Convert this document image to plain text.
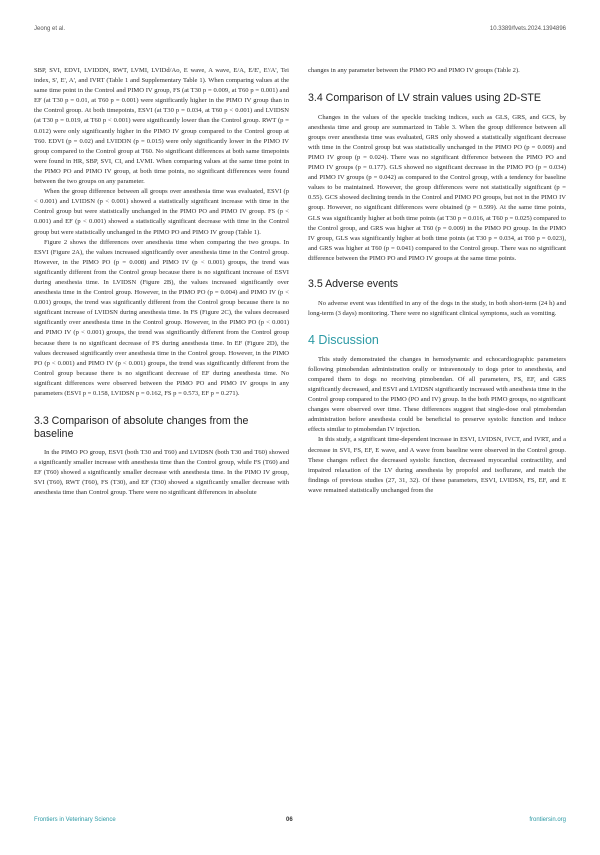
Jeong et al.	10.3389/fvets.2024.1394896

SBP, SVI, EDVI, LVIDDN, RWT, LVMI, LVIDd/Ao, E wave, A wave, E/A, E/E', E'/A', Tei index, S', E', A', and IVRT (Table 1 and Supplementary Table 1). When comparing values at the same time point in the Control and PIMO IV group, FS (at T30 p = 0.009, at T60 p = 0.001) and EF (at T30 p = 0.01, at T60 p = 0.001) were significantly higher in the PIMO IV group than in the Control group. At both timepoints, ESVI (at T30 p = 0.034, at T60 p < 0.001) and LVIDSN (at T30 p = 0.019, at T60 p < 0.001) were significantly lower than the Control group. RWT (p = 0.012) were only significantly higher in the PIMO IV group compared to the Control group at T60. EDVI (p = 0.02) and LVIDDN (p = 0.015) were only significantly lower in the PIMO IV group compared to the Control group at T60. No significant differences at both same timepoints were found in HR, SBP, SVI, CI, and LVMI. When comparing values at the same time point in the PIMO PO and PIMO IV group, at both time points, no significant differences were found between the two groups on any parameter.

When the group difference between all groups over anesthesia time was evaluated, ESVI (p < 0.001) and LVIDSN (p < 0.001) showed a statistically significant increase with time in the Control group but were statistically unchanged in the PIMO PO and PIMO IV group. FS (p < 0.001) and EF (p < 0.001) showed a statistically significant decrease with time in the Control group but were statistically unchanged in the PIMO PO and PIMO IV group (Table 1).

Figure 2 shows the differences over anesthesia time when comparing the two groups. In ESVI (Figure 2A), the values increased significantly over anesthesia time in the Control group. However, in the PIMO PO (p = 0.008) and PIMO IV (p < 0.001) groups, the trend was significantly different from the Control group because there is no significant increase of ESVI during anesthesia time. In LVIDSN (Figure 2B), the values increased significantly over anesthesia time in the Control group. However, in the PIMO PO (p = 0.004) and PIMO IV (p < 0.001) groups, the trend was significantly different from the Control group because there is no significant increase of LVIDSN during anesthesia time. In FS (Figure 2C), the values decreased significantly over anesthesia time in the Control group. However, in the PIMO PO (p < 0.001) and PIMO IV (p < 0.001) groups, the trend was significantly different from the Control group because there is no significant decrease of FS during anesthesia time. In EF (Figure 2D), the values decreased significantly over anesthesia time in the Control group. However, in the PIMO PO (p < 0.001) and PIMO IV (p < 0.001) groups, the trend was significantly different from the Control group because there is no significant decrease of EF during anesthesia time. No significant differences were observed between the PIMO PO and PIMO IV groups in any parameters (ESVI p = 0.158, LVIDSN p = 0.162, FS p = 0.573, EF p = 0.271).

3.3 Comparison of absolute changes from the baseline

In the PIMO PO group, ESVI (both T30 and T60) and LVIDSN (both T30 and T60) showed a significantly smaller increase with anesthesia time than the Control group, while FS (T60) and EF (T60) showed a significantly smaller decrease with anesthesia time. In the PIMO IV group, SVI (T60), RWT (T60), FS (T30), and EF (T30) showed a significantly smaller decrease with anesthesia time than Control group. There were no significant differences in absolute

changes in any parameter between the PIMO PO and PIMO IV groups (Table 2).

3.4 Comparison of LV strain values using 2D-STE

Changes in the values of the speckle tracking indices, such as GLS, GRS, and GCS, by anesthesia time and group are summarized in Table 3. When the group difference between all groups over anesthesia time was evaluated, GRS only showed a statistically significant decrease with time in the Control group but was statistically unchanged in the PIMO PO (p = 0.009) and PIMO IV group (p = 0.024). There was no significant difference between the PIMO PO and PIMO IV groups (p = 0.177). GLS showed no significant decrease in the PIMO PO (p = 0.034) and PIMO IV groups (p = 0.042) as compared to the Control group, with a tendency for baseline values to be maintained. However, the group differences were not statistically significant (p = 0.55). GCS showed declining trends in the Control and PIMO PO groups, but not in the PIMO IV group. However, no significant differences were obtained (p = 0.599). At the same time points, GLS was significantly higher at both time points (at T30 p = 0.016, at T60 p = 0.025) compared to the Control group, and GRS was higher at T60 (p = 0.009) in the PIMO PO group. In the PIMO IV group, GLS was significantly higher at both time points (at T30 p = 0.034, at T60 p = 0.023), and GRS was higher at T60 (p = 0.041) compared to the Control group. There was no significant difference between the PIMO PO and PIMO IV groups at the same time points.

3.5 Adverse events

No adverse event was identified in any of the dogs in the study, in both short-term (24 h) and long-term (3 days) monitoring. There were no significant clinical symptoms, such as vomiting.

4 Discussion

This study demonstrated the changes in hemodynamic and echocardiographic parameters following pimobendan administration orally or intravenously to dogs prior to anesthesia, and compared them to dogs no receiving pimobendan. Of all parameters, FS, EF, and GRS significantly decreased, and ESVI and LVIDSN significantly increased with anesthesia time in the Control group compared to the PIMO (PO and IV) group. In the both PIMO groups, no significant changes were observed over time. These differences suggest that single-dose oral pimobendan administration before anesthesia could be beneficial to preserve systolic function and induce effects similar to pimobendan IV injection.

In this study, a significant time-dependent increase in ESVI, LVIDSN, IVCT, and IVRT, and a decrease in SVI, FS, EF, E wave, and A wave from baseline were observed in the Control group. These changes reflect the decreased systolic function, decreased myocardial contractility, and impaired relaxation of the LV during anesthesia by propofol and isoflurane, and match the findings of previous studies (27, 31, 32). Of these parameters, ESVI, LVIDSN, FS, EF, and E wave remained statistically unchanged from the

Frontiers in Veterinary Science	06	frontiersin.org
